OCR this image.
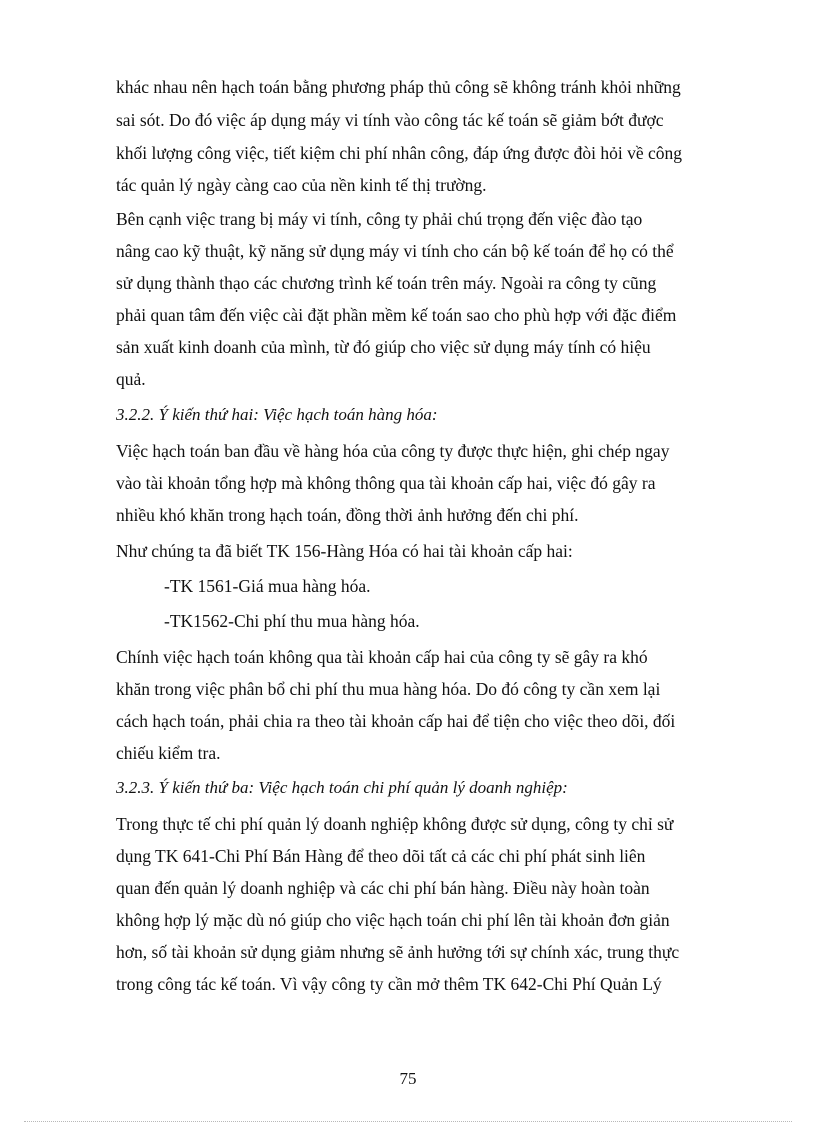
khác nhau nên hạch toán bằng phương pháp thủ công sẽ không tránh khỏi những
sai sót. Do đó việc áp dụng máy vi tính vào công tác kế toán sẽ giảm bớt được
khối lượng công việc, tiết kiệm chi phí nhân công, đáp ứng được đòi hỏi về công
tác quản lý ngày càng cao của nền kinh tế thị trường.
Bên cạnh việc trang bị máy vi tính, công ty phải chú trọng đến việc đào tạo
nâng cao kỹ thuật, kỹ năng sử dụng máy vi tính cho cán bộ kế toán để họ có thể
sử dụng thành thạo các chương trình kế toán trên máy. Ngoài ra công ty cũng
phải quan tâm đến việc cài đặt phần mềm kế toán sao cho phù hợp với đặc điểm
sản xuất kinh doanh của mình, từ đó giúp cho việc sử dụng máy tính có hiệu
quả.
3.2.2. Ý kiến thứ hai: Việc hạch toán hàng hóa:
Việc hạch toán ban đầu về hàng hóa của công ty được thực hiện, ghi chép ngay
vào tài khoản tổng hợp mà không thông qua tài khoản cấp hai, việc đó gây ra
nhiều khó khăn trong hạch toán, đồng thời ảnh hưởng đến chi phí.
Như chúng ta đã biết TK 156-Hàng Hóa có hai tài khoản cấp hai:
-TK 1561-Giá mua hàng hóa.
-TK1562-Chi phí thu mua hàng hóa.
Chính việc hạch toán không qua tài khoản cấp hai của công ty sẽ gây ra khó
khăn trong việc phân bổ chi phí thu mua hàng hóa. Do đó công ty cần xem lại
cách hạch toán, phải chia ra theo tài khoản cấp hai để tiện cho việc theo dõi, đối
chiếu kiểm tra.
3.2.3. Ý kiến thứ ba: Việc hạch toán chi phí quản lý doanh nghiệp:
Trong thực tế chi phí quản lý doanh nghiệp không được sử dụng, công ty chỉ sử
dụng TK 641-Chi Phí Bán Hàng để theo dõi tất cả các chi phí phát sinh liên
quan đến quản lý doanh nghiệp và các chi phí bán hàng. Điều này hoàn toàn
không hợp lý mặc dù nó giúp cho việc hạch toán chi phí lên tài khoản đơn giản
hơn, số tài khoản sử dụng giảm nhưng sẽ ảnh hưởng tới sự chính xác, trung thực
trong công tác kế toán. Vì vậy công ty cần mở thêm TK 642-Chi Phí Quản Lý
75
